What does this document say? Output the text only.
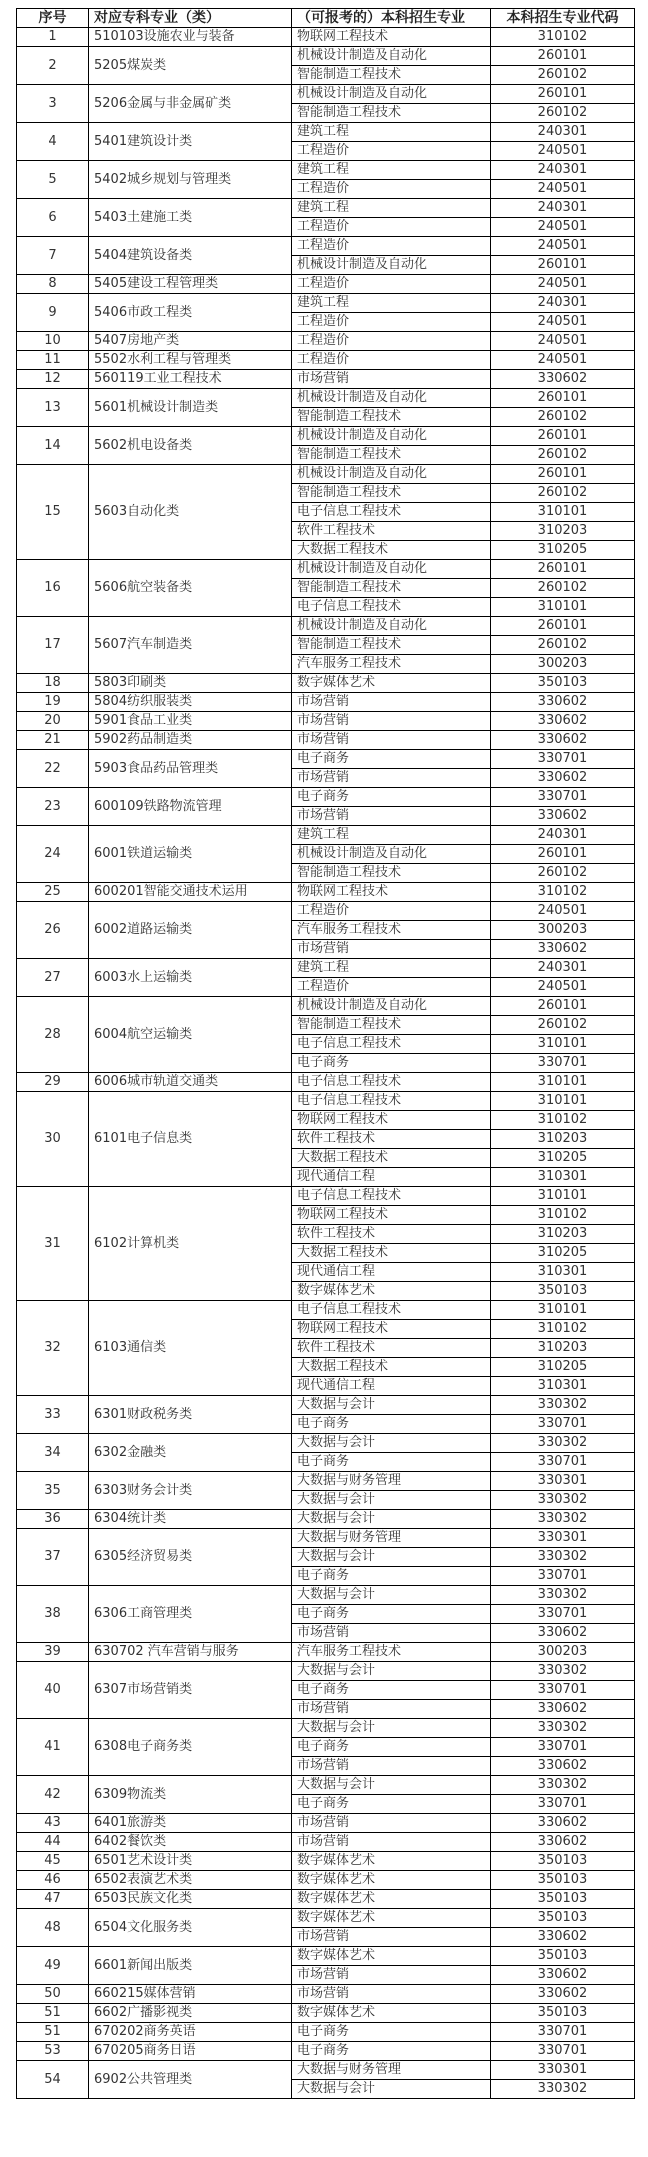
序号	对应专科专业（类）	（可报考的）本科招生专业	本科招生专业代码
1	510103设施农业与装备	物联网工程技术	310102
2	5205煤炭类	机械设计制造及自动化	260101
		智能制造工程技术	260102
3	5206金属与非金属矿类	机械设计制造及自动化	260101
		智能制造工程技术	260102
4	5401建筑设计类	建筑工程	240301
		工程造价	240501
5	5402城乡规划与管理类	建筑工程	240301
		工程造价	240501
6	5403土建施工类	建筑工程	240301
		工程造价	240501
7	5404建筑设备类	工程造价	240501
		机械设计制造及自动化	260101
8	5405建设工程管理类	工程造价	240501
9	5406市政工程类	建筑工程	240301
		工程造价	240501
10	5407房地产类	工程造价	240501
11	5502水利工程与管理类	工程造价	240501
12	560119工业工程技术	市场营销	330602
13	5601机械设计制造类	机械设计制造及自动化	260101
		智能制造工程技术	260102
14	5602机电设备类	机械设计制造及自动化	260101
		智能制造工程技术	260102
15	5603自动化类	机械设计制造及自动化	260101
		智能制造工程技术	260102
		电子信息工程技术	310101
		软件工程技术	310203
		大数据工程技术	310205
16	5606航空装备类	机械设计制造及自动化	260101
		智能制造工程技术	260102
		电子信息工程技术	310101
17	5607汽车制造类	机械设计制造及自动化	260101
		智能制造工程技术	260102
		汽车服务工程技术	300203
18	5803印刷类	数字媒体艺术	350103
19	5804纺织服装类	市场营销	330602
20	5901食品工业类	市场营销	330602
21	5902药品制造类	市场营销	330602
22	5903食品药品管理类	电子商务	330701
		市场营销	330602
23	600109铁路物流管理	电子商务	330701
		市场营销	330602
24	6001铁道运输类	建筑工程	240301
		机械设计制造及自动化	260101
		智能制造工程技术	260102
25	600201智能交通技术运用	物联网工程技术	310102
26	6002道路运输类	工程造价	240501
		汽车服务工程技术	300203
		市场营销	330602
27	6003水上运输类	建筑工程	240301
		工程造价	240501
28	6004航空运输类	机械设计制造及自动化	260101
		智能制造工程技术	260102
		电子信息工程技术	310101
		电子商务	330701
29	6006城市轨道交通类	电子信息工程技术	310101
30	6101电子信息类	电子信息工程技术	310101
		物联网工程技术	310102
		软件工程技术	310203
		大数据工程技术	310205
		现代通信工程	310301
31	6102计算机类	电子信息工程技术	310101
		物联网工程技术	310102
		软件工程技术	310203
		大数据工程技术	310205
		现代通信工程	310301
		数字媒体艺术	350103
32	6103通信类	电子信息工程技术	310101
		物联网工程技术	310102
		软件工程技术	310203
		大数据工程技术	310205
		现代通信工程	310301
33	6301财政税务类	大数据与会计	330302
		电子商务	330701
34	6302金融类	大数据与会计	330302
		电子商务	330701
35	6303财务会计类	大数据与财务管理	330301
		大数据与会计	330302
36	6304统计类	大数据与会计	330302
37	6305经济贸易类	大数据与财务管理	330301
		大数据与会计	330302
		电子商务	330701
38	6306工商管理类	大数据与会计	330302
		电子商务	330701
		市场营销	330602
39	630702 汽车营销与服务	汽车服务工程技术	300203
40	6307市场营销类	大数据与会计	330302
		电子商务	330701
		市场营销	330602
41	6308电子商务类	大数据与会计	330302
		电子商务	330701
		市场营销	330602
42	6309物流类	大数据与会计	330302
		电子商务	330701
43	6401旅游类	市场营销	330602
44	6402餐饮类	市场营销	330602
45	6501艺术设计类	数字媒体艺术	350103
46	6502表演艺术类	数字媒体艺术	350103
47	6503民族文化类	数字媒体艺术	350103
48	6504文化服务类	数字媒体艺术	350103
		市场营销	330602
49	6601新闻出版类	数字媒体艺术	350103
		市场营销	330602
50	660215媒体营销	市场营销	330602
51	6602广播影视类	数字媒体艺术	350103
51	670202商务英语	电子商务	330701
53	670205商务日语	电子商务	330701
54	6902公共管理类	大数据与财务管理	330301
		大数据与会计	330302
